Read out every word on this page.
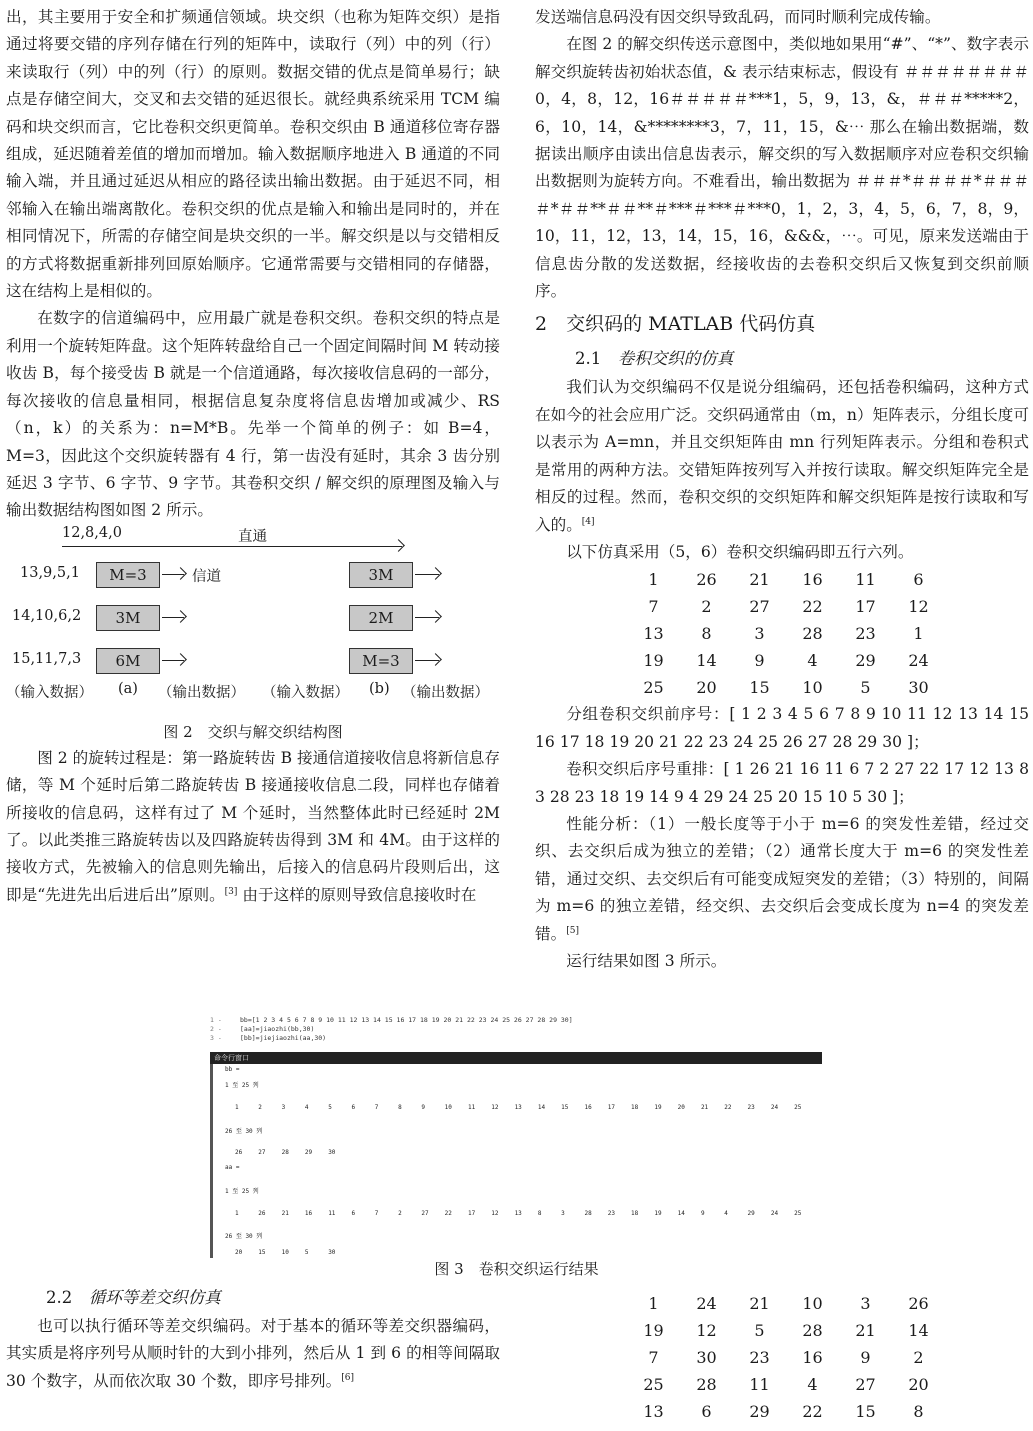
出，其主要用于安全和扩频通信领域。块交织（也称为矩阵交织）是指通过将要交错的序列存储在行列的矩阵中，读取行（列）中的列（行）来读取行（列）中的列（行）的原则。数据交错的优点是简单易行；缺点是存储空间大，交叉和去交错的延迟很长。就经典系统采用 TCM 编码和块交织而言，它比卷积交织更简单。卷积交织由 B 通道移位寄存器组成，延迟随着差值的增加而增加。输入数据顺序地进入 B 通道的不同输入端，并且通过延迟从相应的路径读出输出数据。由于延迟不同，相邻输入在输出端离散化。卷积交织的优点是输入和输出是同时的，并在相同情况下，所需的存储空间是块交织的一半。解交织是以与交错相反的方式将数据重新排列回原始顺序。它通常需要与交错相同的存储器，这在结构上是相似的。

在数字的信道编码中，应用最广就是卷积交织。卷积交织的特点是利用一个旋转矩阵盘。这个矩阵转盘给自己一个固定间隔时间 M 转动接收齿 B，每个接受齿 B 就是一个信道通路，每次接收信息码的一部分，每次接收的信息量相同，根据信息复杂度将信息齿增加或减少、RS（n，k）的关系为：n=M*B。先举一个简单的例子：如 B=4，M=3，因此这个交织旋转器有 4 行，第一齿没有延时，其余 3 齿分别延迟 3 字节、6 字节、9 字节。其卷积交织 / 解交织的原理图及输入与输出数据结构图如图 2 所示。

12,8,4,0	直通
13,9,5,1	M=3	信道	3M
14,10,6,2	3M	2M
15,11,7,3	6M	M=3
（输入数据） (a) （输出数据） （输入数据） (b) （输出数据）
图 2　交织与解交织结构图

图 2 的旋转过程是：第一路旋转齿 B 接通信道接收信息将新信息存储，等 M 个延时后第二路旋转齿 B 接通接收信息二段，同样也存储着所接收的信息码，这样有过了 M 个延时，当然整体此时已经延时 2M 了。以此类推三路旋转齿以及四路旋转齿得到 3M 和 4M。由于这样的接收方式，先被输入的信息则先输出，后接入的信息码片段则后出，这即是“先进先出后进后出”原则。[3] 由于这样的原则导致信息接收时在

发送端信息码没有因交织导致乱码，而同时顺利完成传输。

在图 2 的解交织传送示意图中，类似地如果用“#”、“*”、数字表示解交织旋转齿初始状态值，& 表示结束标志，假设有 ＃＃＃＃＃＃＃＃0，4，8，12，16＃＃＃＃＃***1，5，9，13，&，＃＃＃*****2，6，10，14，&********3，7，11，15，&⋯ 那么在输出数据端，数据读出顺序由读出信息齿表示，解交织的写入数据顺序对应卷积交织输出数据则为旋转方向。不难看出，输出数据为 ＃＃＃*＃＃＃＃*＃＃＃＃*＃＃**＃＃**＃***＃***＃***0，1，2，3，4，5，6，7，8，9，10，11，12，13，14，15，16，&&&，⋯。可见，原来发送端由于信息齿分散的发送数据，经接收齿的去卷积交织后又恢复到交织前顺序。

2　交织码的 MATLAB 代码仿真
2.1　 卷积交织的仿真

我们认为交织编码不仅是说分组编码，还包括卷积编码，这种方式在如今的社会应用广泛。交织码通常由（m，n）矩阵表示，分组长度可以表示为 A=mn，并且交织矩阵由 mn 行列矩阵表示。分组和卷积式是常用的两种方法。交错矩阵按列写入并按行读取。解交织矩阵完全是相反的过程。然而，卷积交织的交织矩阵和解交织矩阵是按行读取和写入的。[4]

以下仿真采用（5，6）卷积交织编码即五行六列。

1	26	21	16	11	6
7	2	27	22	17	12
13	8	3	28	23	1
19	14	9	4	29	24
25	20	15	10	5	30

分组卷积交织前序号：[ 1 2 3 4 5 6 7 8 9 10 11 12 13 14 15 16 17 18 19 20 21 22 23 24 25 26 27 28 29 30 ]；

卷积交织后序号重排：[ 1 26 21 16 11 6 7 2 27 22 17 12 13 8 3 28 23 18 19 14 9 4 29 24 25 20 15 10 5 30 ]；

性能分析：（1）一般长度等于小于 m=6 的突发性差错，经过交织、去交织后成为独立的差错；（2）通常长度大于 m=6 的突发性差错，通过交织、去交织后有可能变成短突发的差错；（3）特别的，间隔为 m=6 的独立差错，经交织、去交织后会变成长度为 n=4 的突发差错。[5]

运行结果如图 3 所示。

1 -	bb=[1 2 3 4 5 6 7 8 9 10 11 12 13 14 15 16 17 18 19 20 21 22 23 24 25 26 27 28 29 30]
2 -	[aa]=jiaozhi(bb,30)
3 -	[bb]=jiejiaozhi(aa,30)
命令行窗口
bb =
1 至 25 列
1	2	3	4	5	6	7	8	9	10	11	12	13	14	15	16	17	18	19	20	21	22	23	24	25
26 至 30 列
26	27	28	29	30
aa =
1 至 25 列
1	26	21	16	11	6	7	2	27	22	17	12	13	8	3	28	23	18	19	14	9	4	29	24	25
26 至 30 列
20	15	10	5	30
图 3　卷积交织运行结果
2.2　 循环等差交织仿真

也可以执行循环等差交织编码。对于基本的循环等差交织器编码，其实质是将序列号从顺时针的大到小排列，然后从 1 到 6 的相等间隔取 30 个数字，从而依次取 30 个数，即序号排列。[6]

1	24	21	10	3	26
19	12	5	28	21	14
7	30	23	16	9	2
25	28	11	4	27	20
13	6	29	22	15	8
